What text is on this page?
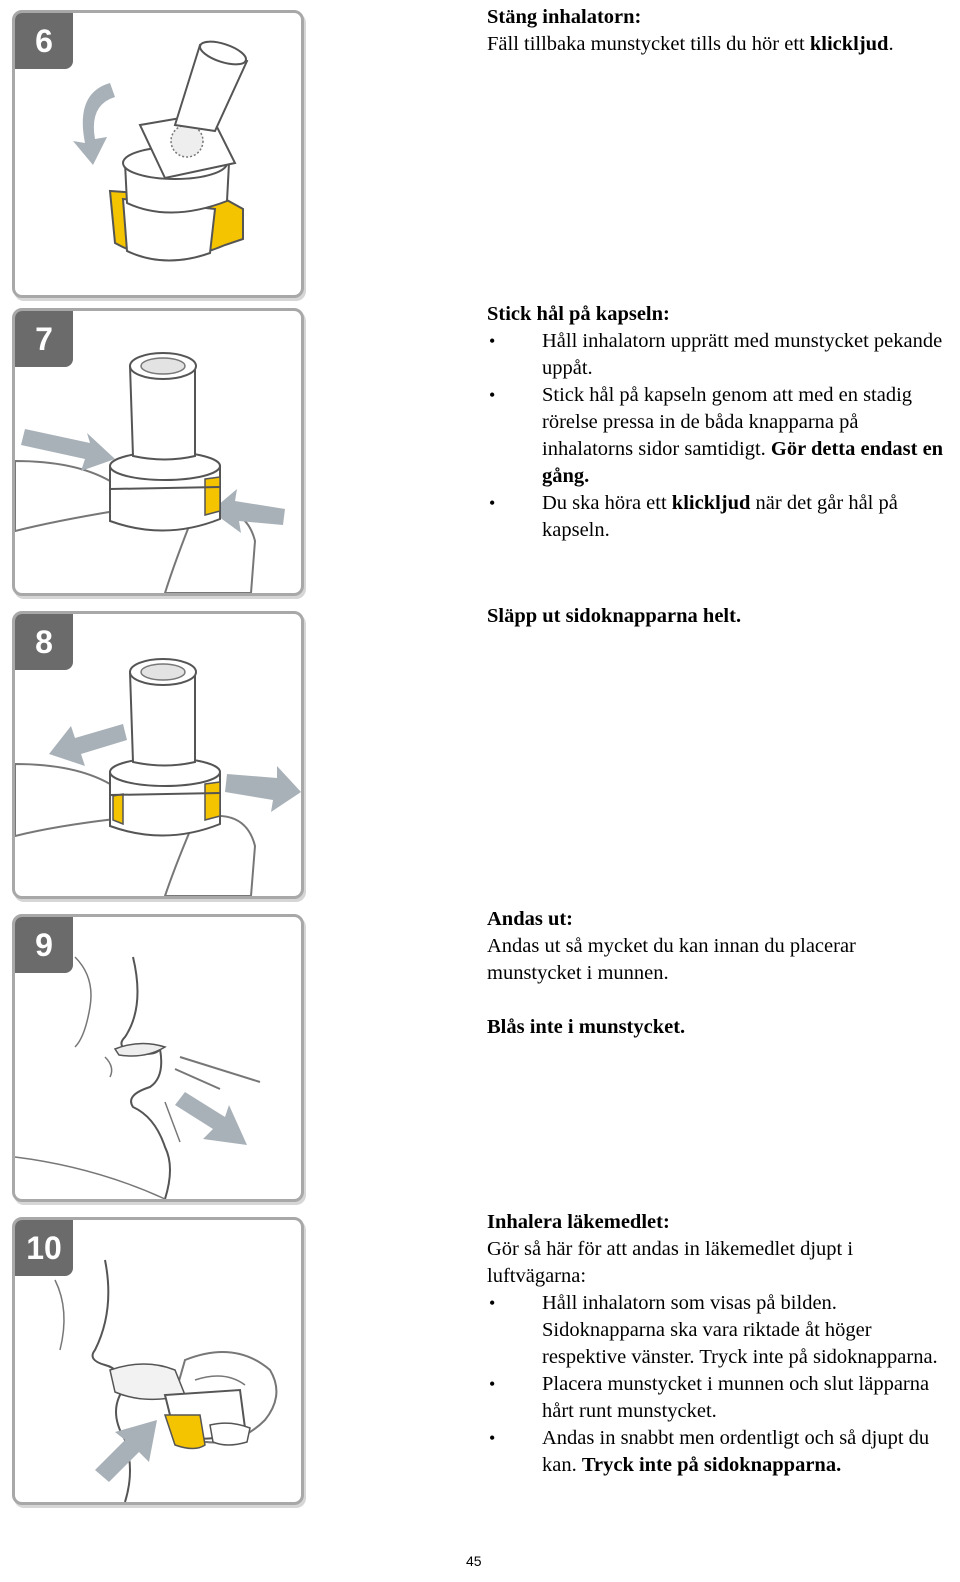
6

Stäng inhalatorn:

Fäll tillbaka munstycket tills du hör ett klickljud.

7

Stick hål på kapseln:

• Håll inhalatorn upprätt med munstycket pekande uppåt.
• Stick hål på kapseln genom att med en stadig rörelse pressa in de båda knapparna på inhalatorns sidor samtidigt. Gör detta endast en gång.
• Du ska höra ett klickljud när det går hål på kapseln.
8

Släpp ut sidoknapparna helt.

9

Andas ut:

Andas ut så mycket du kan innan du placerar munstycket i munnen.

Blås inte i munstycket.

10

Inhalera läkemedlet:

Gör så här för att andas in läkemedlet djupt i luftvägarna:

• Håll inhalatorn som visas på bilden. Sidoknapparna ska vara riktade åt höger respektive vänster. Tryck inte på sidoknapparna.
• Placera munstycket i munnen och slut läpparna hårt runt munstycket.
• Andas in snabbt men ordentligt och så djupt du kan. Tryck inte på sidoknapparna.
45
